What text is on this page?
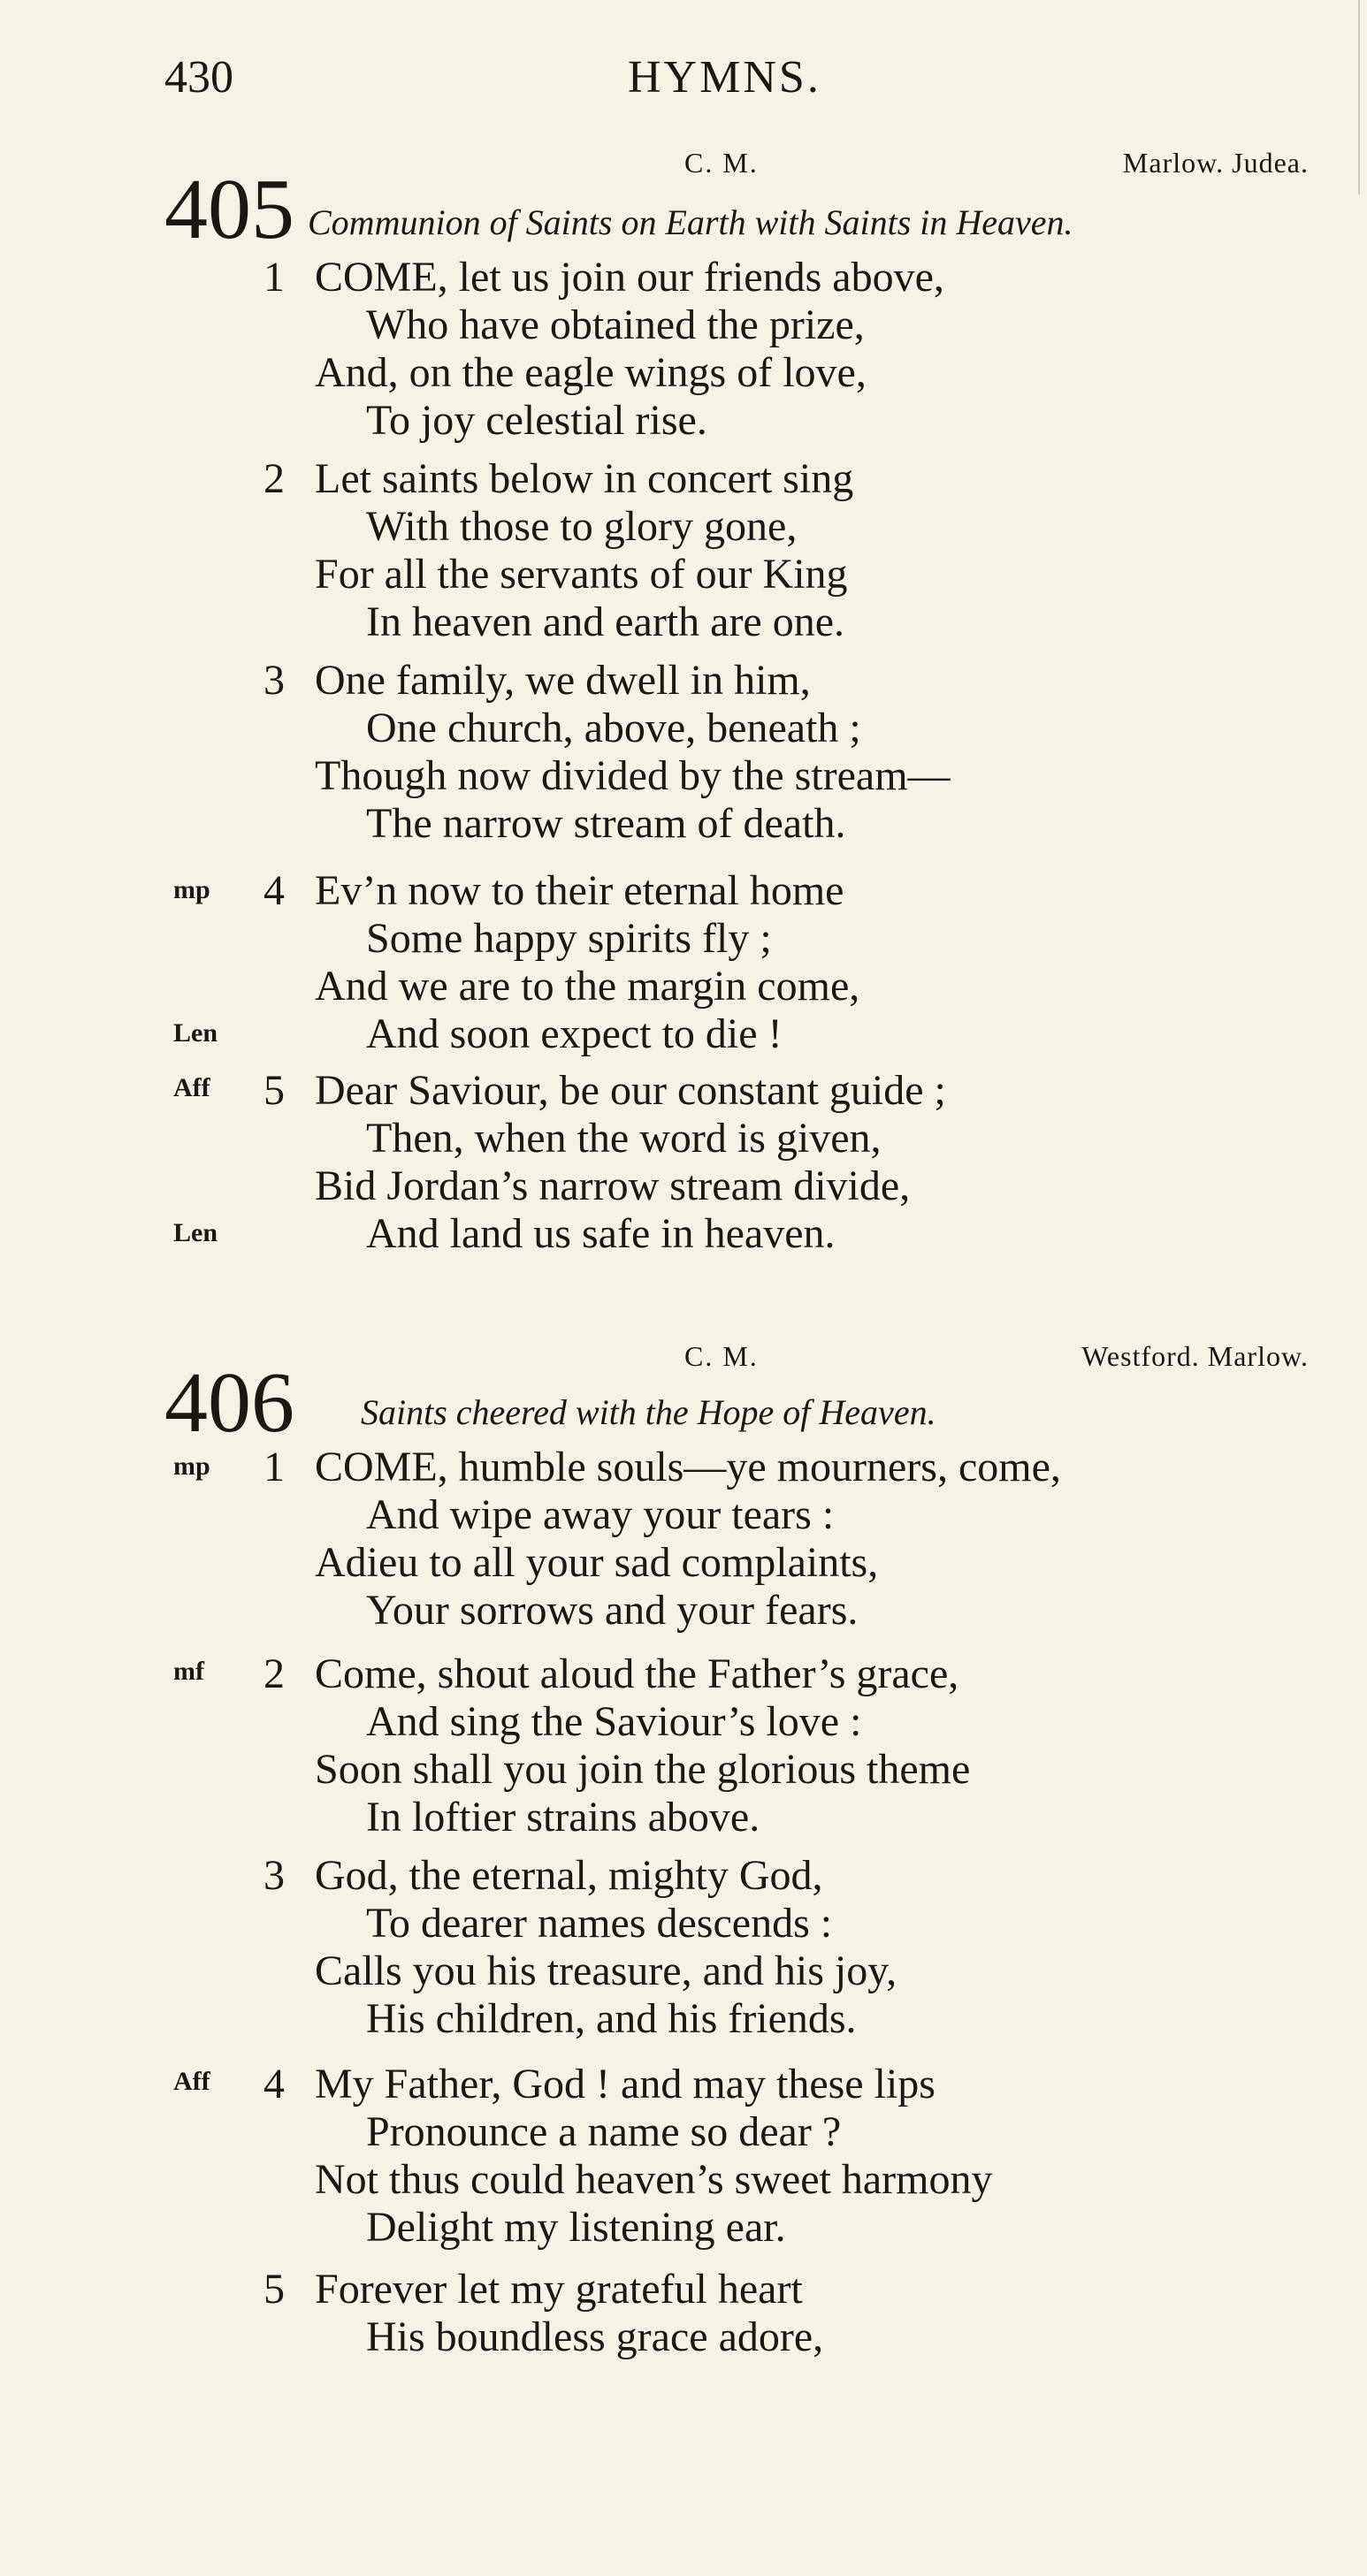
430	HYMNS.
405	C. M.	Marlow. Judea.
Communion of Saints on Earth with Saints in Heaven.
1 COME, let us join our friends above,
Who have obtained the prize,
And, on the eagle wings of love,
To joy celestial rise.
2 Let saints below in concert sing
With those to glory gone,
For all the servants of our King
In heaven and earth are one.
3 One family, we dwell in him,
One church, above, beneath ;
Though now divided by the stream—
The narrow stream of death.
mp 4 Ev’n now to their eternal home
Some happy spirits fly ;
And we are to the margin come,
Len	And soon expect to die !
Aff 5 Dear Saviour, be our constant guide ;
Then, when the word is given,
Bid Jordan’s narrow stream divide,
Len	And land us safe in heaven.
406	C. M.	Westford. Marlow.
Saints cheered with the Hope of Heaven.
mp 1 COME, humble souls—ye mourners, come,
And wipe away your tears :
Adieu to all your sad complaints,
Your sorrows and your fears.
mf 2 Come, shout aloud the Father’s grace,
And sing the Saviour’s love :
Soon shall you join the glorious theme
In loftier strains above.
3 God, the eternal, mighty God,
To dearer names descends :
Calls you his treasure, and his joy,
His children, and his friends.
Aff 4 My Father, God ! and may these lips
Pronounce a name so dear ?
Not thus could heaven’s sweet harmony
Delight my listening ear.
5 Forever let my grateful heart
His boundless grace adore,
